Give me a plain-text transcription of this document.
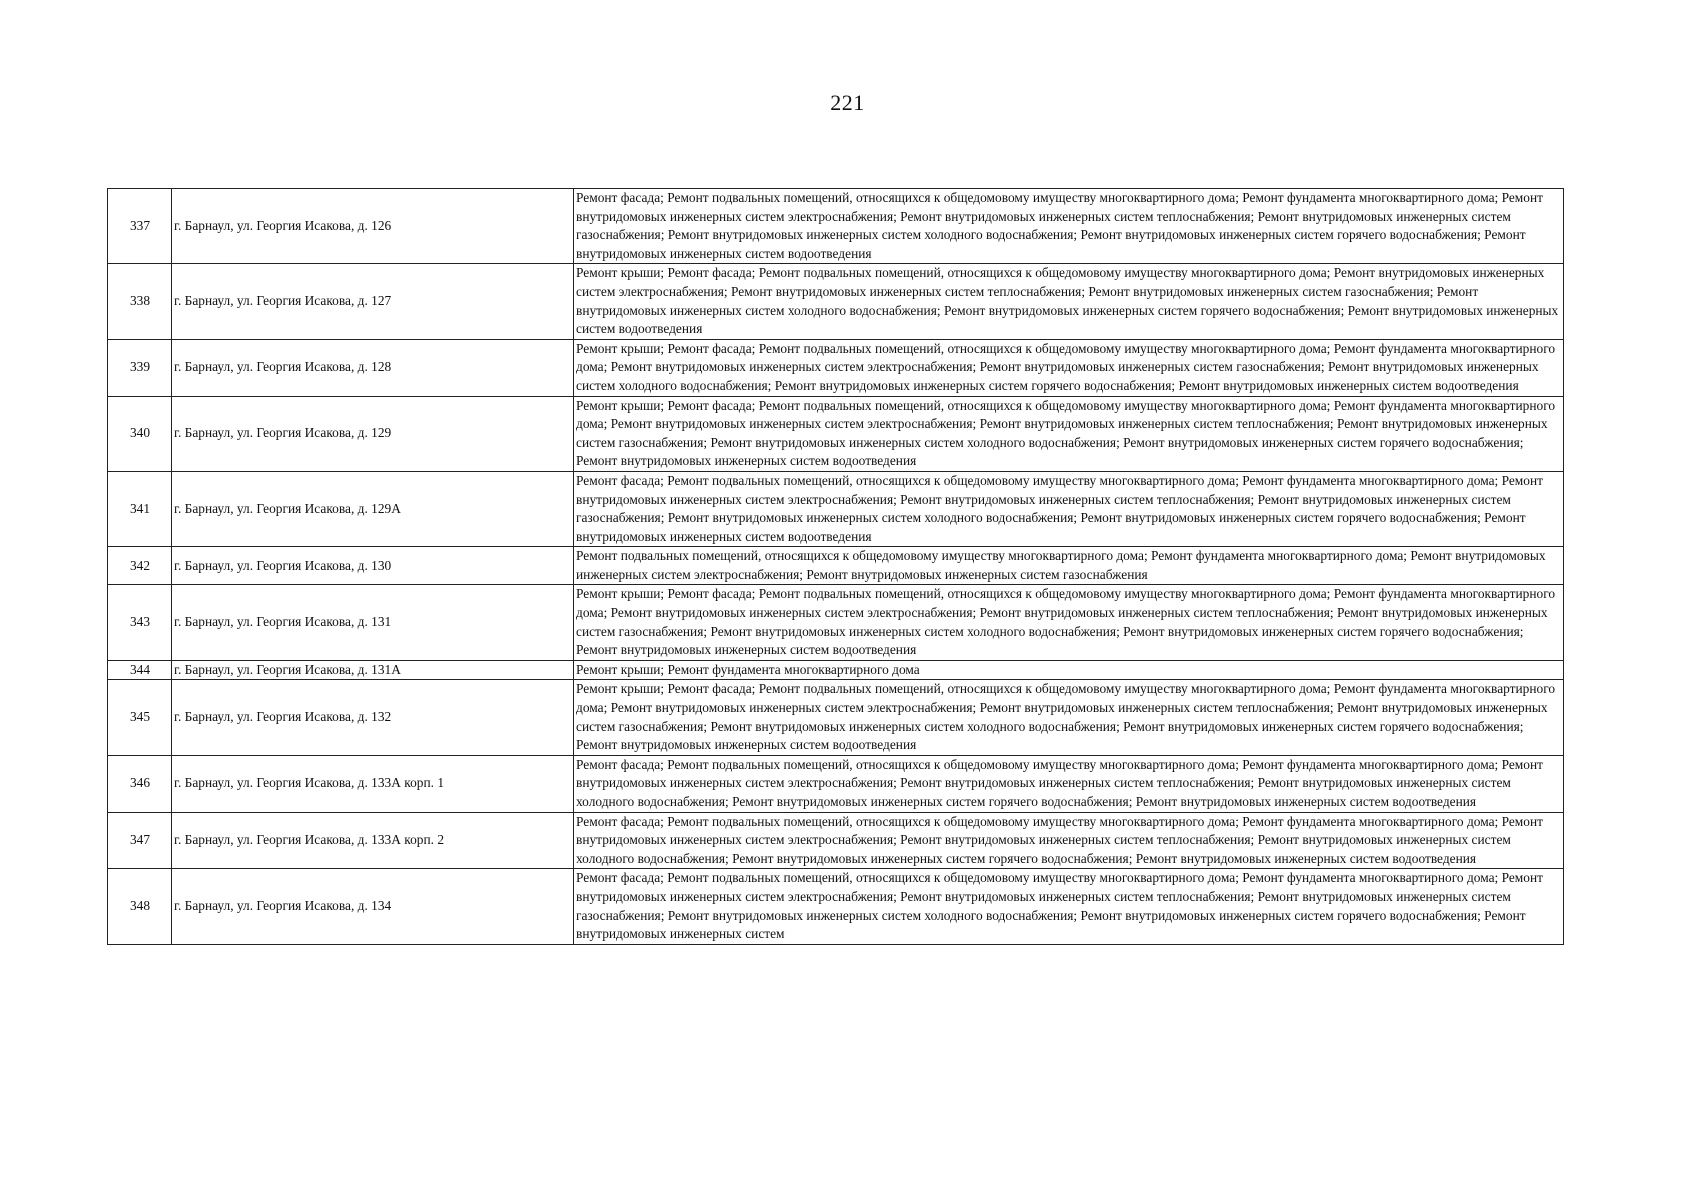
221
337	г. Барнаул, ул. Георгия Исакова, д. 126	Ремонт фасада; Ремонт подвальных помещений, относящихся к общедомовому имуществу многоквартирного дома; Ремонт фундамента многоквартирного дома; Ремонт внутридомовых инженерных систем электроснабжения; Ремонт внутридомовых инженерных систем теплоснабжения; Ремонт внутридомовых инженерных систем газоснабжения; Ремонт внутридомовых инженерных систем холодного водоснабжения; Ремонт внутридомовых инженерных систем горячего водоснабжения; Ремонт внутридомовых инженерных систем водоотведения
338	г. Барнаул, ул. Георгия Исакова, д. 127	Ремонт крыши; Ремонт фасада; Ремонт подвальных помещений, относящихся к общедомовому имуществу многоквартирного дома; Ремонт внутридомовых инженерных систем электроснабжения; Ремонт внутридомовых инженерных систем теплоснабжения; Ремонт внутридомовых инженерных систем газоснабжения; Ремонт внутридомовых инженерных систем холодного водоснабжения; Ремонт внутридомовых инженерных систем горячего водоснабжения; Ремонт внутридомовых инженерных систем водоотведения
339	г. Барнаул, ул. Георгия Исакова, д. 128	Ремонт крыши; Ремонт фасада; Ремонт подвальных помещений, относящихся к общедомовому имуществу многоквартирного дома; Ремонт фундамента многоквартирного дома; Ремонт внутридомовых инженерных систем электроснабжения; Ремонт внутридомовых инженерных систем газоснабжения; Ремонт внутридомовых инженерных систем холодного водоснабжения; Ремонт внутридомовых инженерных систем горячего водоснабжения; Ремонт внутридомовых инженерных систем водоотведения
340	г. Барнаул, ул. Георгия Исакова, д. 129	Ремонт крыши; Ремонт фасада; Ремонт подвальных помещений, относящихся к общедомовому имуществу многоквартирного дома; Ремонт фундамента многоквартирного дома; Ремонт внутридомовых инженерных систем электроснабжения; Ремонт внутридомовых инженерных систем теплоснабжения; Ремонт внутридомовых инженерных систем газоснабжения; Ремонт внутридомовых инженерных систем холодного водоснабжения; Ремонт внутридомовых инженерных систем горячего водоснабжения; Ремонт внутридомовых инженерных систем водоотведения
341	г. Барнаул, ул. Георгия Исакова, д. 129А	Ремонт фасада; Ремонт подвальных помещений, относящихся к общедомовому имуществу многоквартирного дома; Ремонт фундамента многоквартирного дома; Ремонт внутридомовых инженерных систем электроснабжения; Ремонт внутридомовых инженерных систем теплоснабжения; Ремонт внутридомовых инженерных систем газоснабжения; Ремонт внутридомовых инженерных систем холодного водоснабжения; Ремонт внутридомовых инженерных систем горячего водоснабжения; Ремонт внутридомовых инженерных систем водоотведения
342	г. Барнаул, ул. Георгия Исакова, д. 130	Ремонт подвальных помещений, относящихся к общедомовому имуществу многоквартирного дома; Ремонт фундамента многоквартирного дома; Ремонт внутридомовых инженерных систем электроснабжения; Ремонт внутридомовых инженерных систем газоснабжения
343	г. Барнаул, ул. Георгия Исакова, д. 131	Ремонт крыши; Ремонт фасада; Ремонт подвальных помещений, относящихся к общедомовому имуществу многоквартирного дома; Ремонт фундамента многоквартирного дома; Ремонт внутридомовых инженерных систем электроснабжения; Ремонт внутридомовых инженерных систем теплоснабжения; Ремонт внутридомовых инженерных систем газоснабжения; Ремонт внутридомовых инженерных систем холодного водоснабжения; Ремонт внутридомовых инженерных систем горячего водоснабжения; Ремонт внутридомовых инженерных систем водоотведения
344	г. Барнаул, ул. Георгия Исакова, д. 131А	Ремонт крыши; Ремонт фундамента многоквартирного дома
345	г. Барнаул, ул. Георгия Исакова, д. 132	Ремонт крыши; Ремонт фасада; Ремонт подвальных помещений, относящихся к общедомовому имуществу многоквартирного дома; Ремонт фундамента многоквартирного дома; Ремонт внутридомовых инженерных систем электроснабжения; Ремонт внутридомовых инженерных систем теплоснабжения; Ремонт внутридомовых инженерных систем газоснабжения; Ремонт внутридомовых инженерных систем холодного водоснабжения; Ремонт внутридомовых инженерных систем горячего водоснабжения; Ремонт внутридомовых инженерных систем водоотведения
346	г. Барнаул, ул. Георгия Исакова, д. 133А корп. 1	Ремонт фасада; Ремонт подвальных помещений, относящихся к общедомовому имуществу многоквартирного дома; Ремонт фундамента многоквартирного дома; Ремонт внутридомовых инженерных систем электроснабжения; Ремонт внутридомовых инженерных систем теплоснабжения; Ремонт внутридомовых инженерных систем холодного водоснабжения; Ремонт внутридомовых инженерных систем горячего водоснабжения; Ремонт внутридомовых инженерных систем водоотведения
347	г. Барнаул, ул. Георгия Исакова, д. 133А корп. 2	Ремонт фасада; Ремонт подвальных помещений, относящихся к общедомовому имуществу многоквартирного дома; Ремонт фундамента многоквартирного дома; Ремонт внутридомовых инженерных систем электроснабжения; Ремонт внутридомовых инженерных систем теплоснабжения; Ремонт внутридомовых инженерных систем холодного водоснабжения; Ремонт внутридомовых инженерных систем горячего водоснабжения; Ремонт внутридомовых инженерных систем водоотведения
348	г. Барнаул, ул. Георгия Исакова, д. 134	Ремонт фасада; Ремонт подвальных помещений, относящихся к общедомовому имуществу многоквартирного дома; Ремонт фундамента многоквартирного дома; Ремонт внутридомовых инженерных систем электроснабжения; Ремонт внутридомовых инженерных систем теплоснабжения; Ремонт внутридомовых инженерных систем газоснабжения; Ремонт внутридомовых инженерных систем холодного водоснабжения; Ремонт внутридомовых инженерных систем горячего водоснабжения; Ремонт внутридомовых инженерных систем
